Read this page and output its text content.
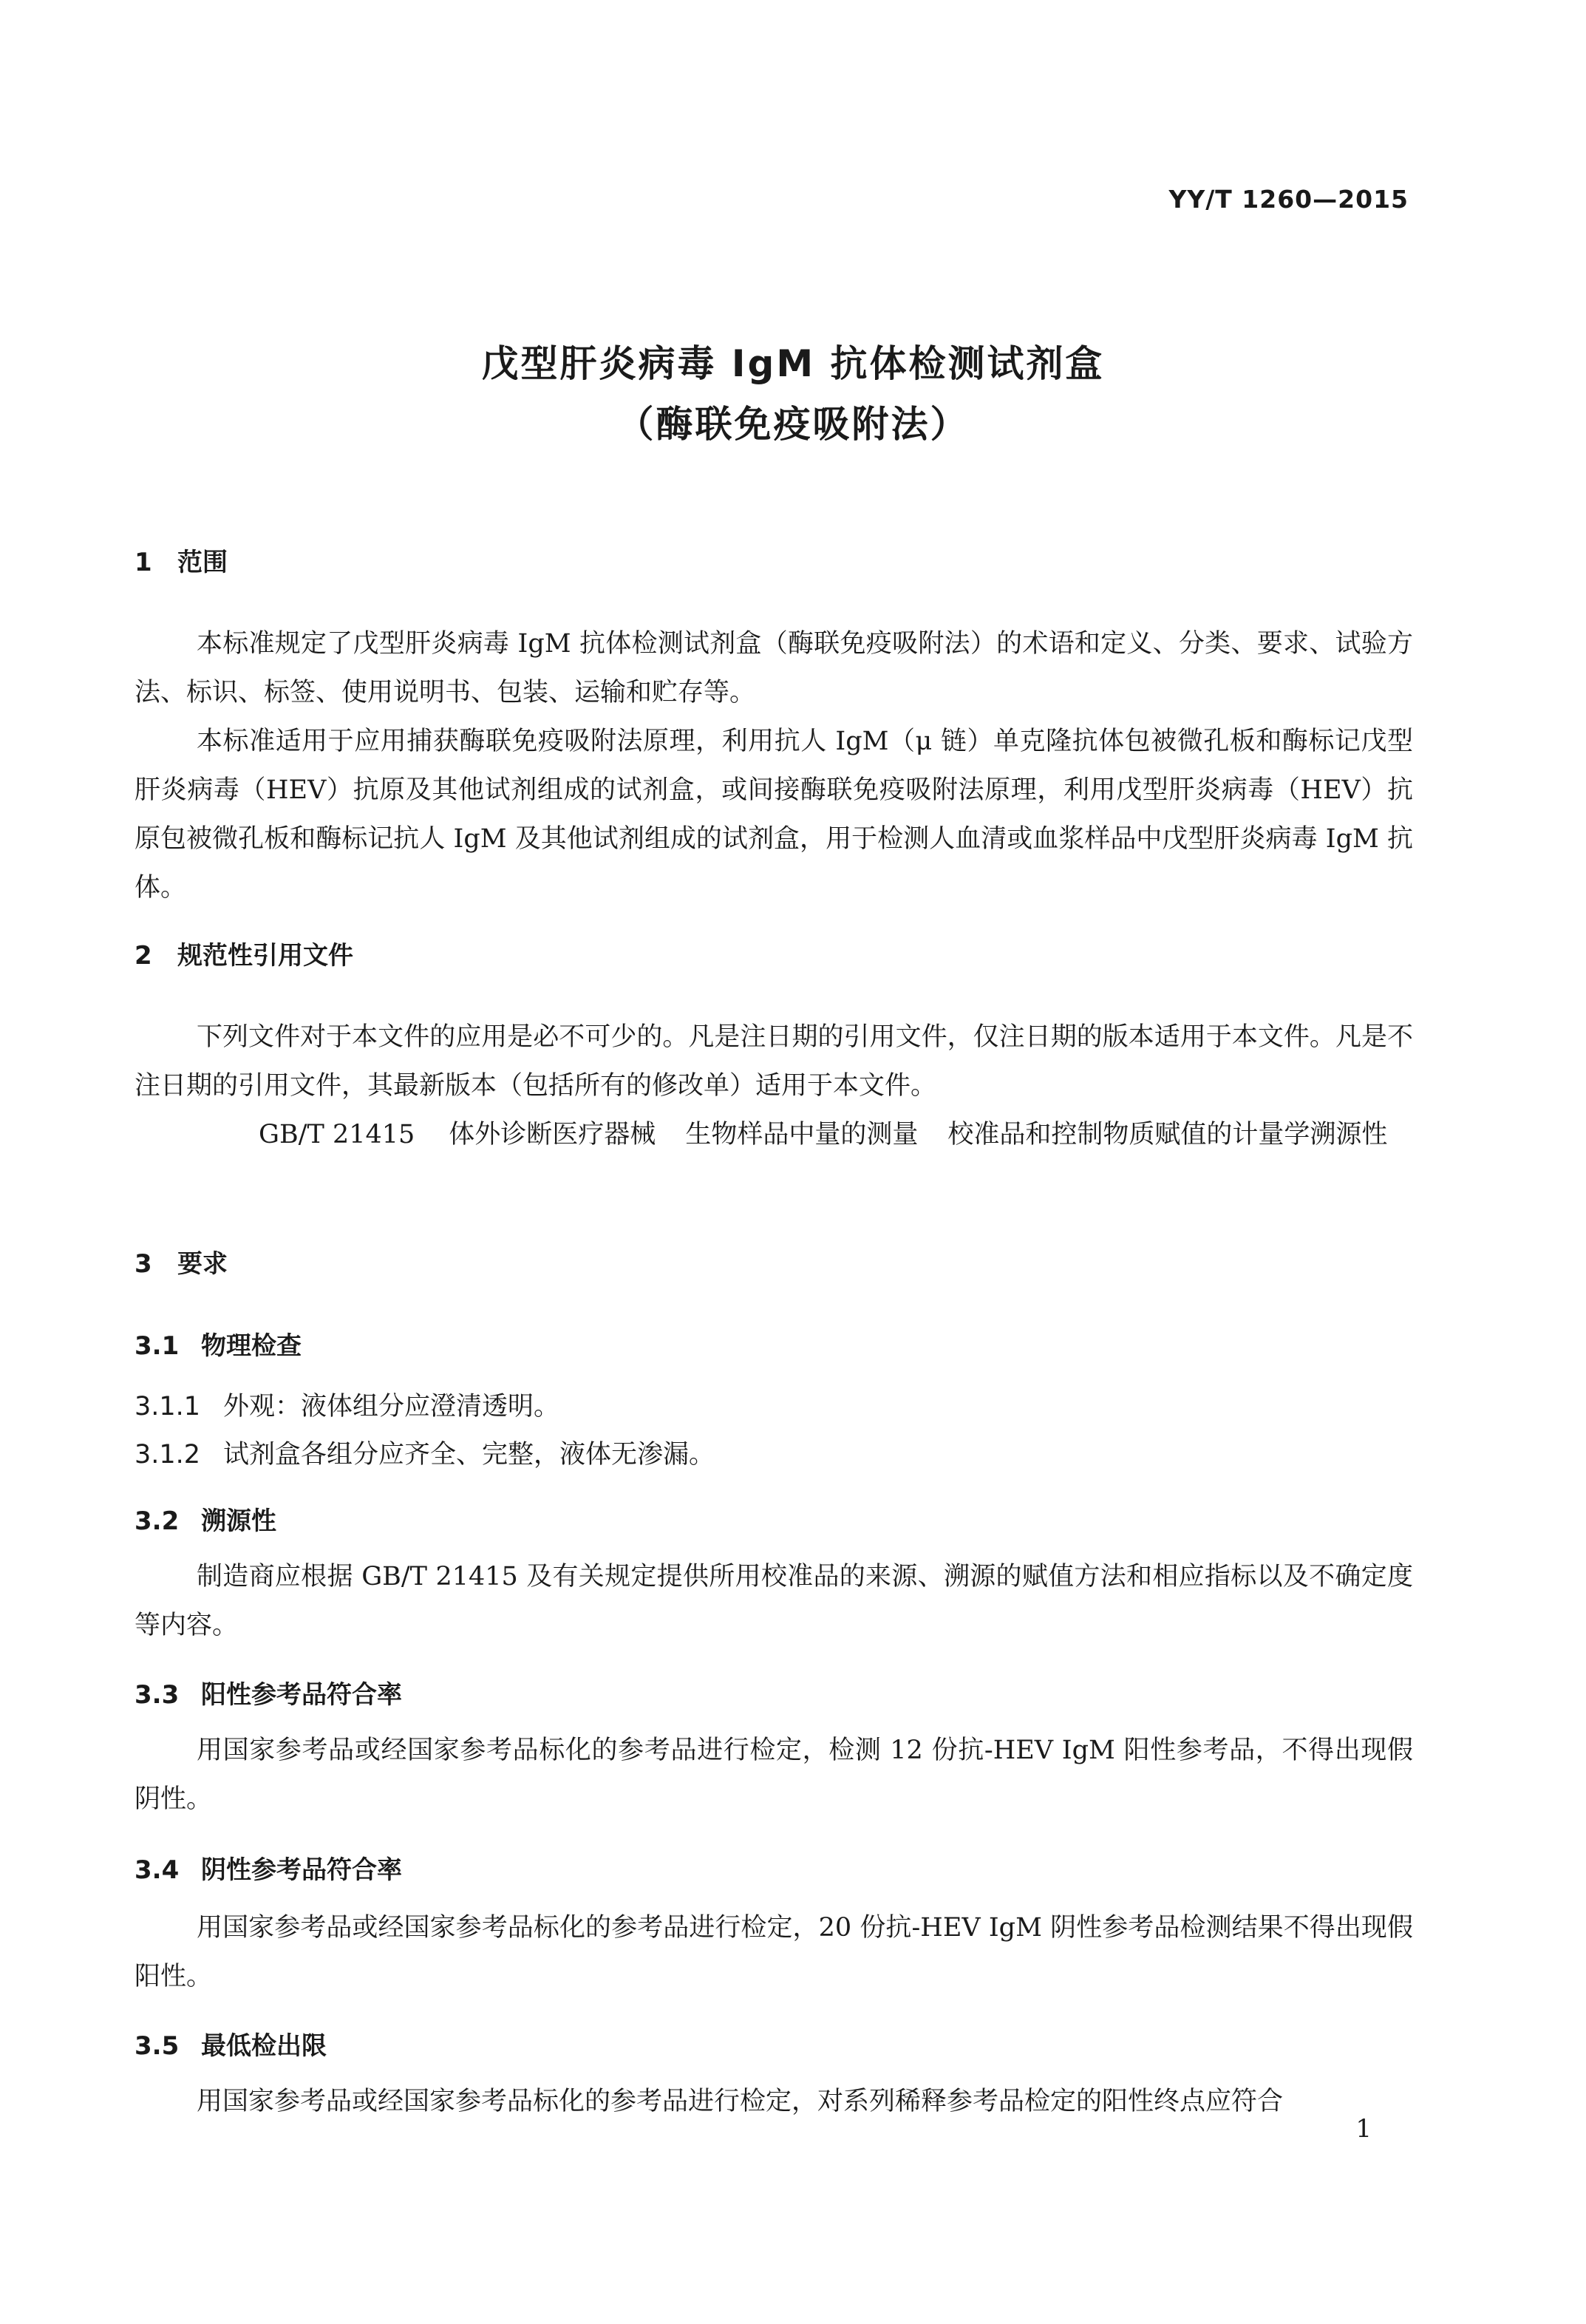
YY/T 1260—2015
戊型肝炎病毒 IgM 抗体检测试剂盒
（酶联免疫吸附法）
1 范围
本标准规定了戊型肝炎病毒 IgM 抗体检测试剂盒（酶联免疫吸附法）的术语和定义、分类、要求、试验方法、标识、标签、使用说明书、包装、运输和贮存等。
本标准适用于应用捕获酶联免疫吸附法原理，利用抗人 IgM（μ 链）单克隆抗体包被微孔板和酶标记戊型肝炎病毒（HEV）抗原及其他试剂组成的试剂盒，或间接酶联免疫吸附法原理，利用戊型肝炎病毒（HEV）抗原包被微孔板和酶标记抗人 IgM 及其他试剂组成的试剂盒，用于检测人血清或血浆样品中戊型肝炎病毒 IgM 抗体。
2 规范性引用文件
下列文件对于本文件的应用是必不可少的。凡是注日期的引用文件，仅注日期的版本适用于本文件。凡是不注日期的引用文件，其最新版本（包括所有的修改单）适用于本文件。
GB/T 21415 体外诊断医疗器械 生物样品中量的测量 校准品和控制物质赋值的计量学溯源性
3 要求
3.1 物理检查
3.1.1 外观：液体组分应澄清透明。
3.1.2 试剂盒各组分应齐全、完整，液体无渗漏。
3.2 溯源性
制造商应根据 GB/T 21415 及有关规定提供所用校准品的来源、溯源的赋值方法和相应指标以及不确定度等内容。
3.3 阳性参考品符合率
用国家参考品或经国家参考品标化的参考品进行检定，检测 12 份抗-HEV IgM 阳性参考品，不得出现假阴性。
3.4 阴性参考品符合率
用国家参考品或经国家参考品标化的参考品进行检定，20 份抗-HEV IgM 阴性参考品检测结果不得出现假阳性。
3.5 最低检出限
用国家参考品或经国家参考品标化的参考品进行检定，对系列稀释参考品检定的阳性终点应符合
1
